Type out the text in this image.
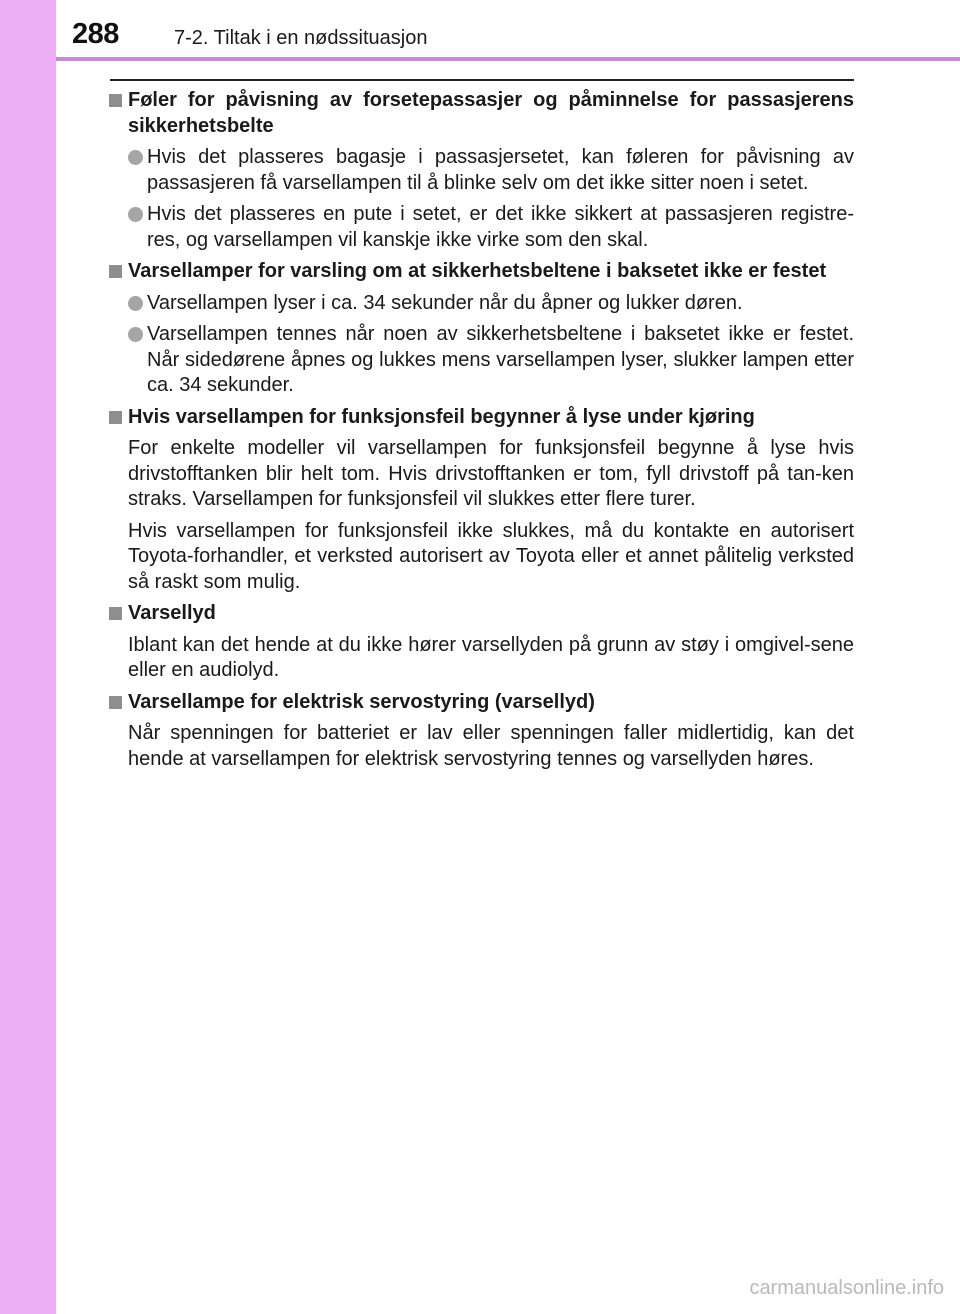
288	7-2. Tiltak i en nødssituasjon
Føler for påvisning av forsetepassasjer og påminnelse for passasjerens sikkerhetsbelte
Hvis det plasseres bagasje i passasjersetet, kan føleren for påvisning av passasjeren få varsellampen til å blinke selv om det ikke sitter noen i setet.
Hvis det plasseres en pute i setet, er det ikke sikkert at passasjeren registre-res, og varsellampen vil kanskje ikke virke som den skal.
Varsellamper for varsling om at sikkerhetsbeltene i baksetet ikke er festet
Varsellampen lyser i ca. 34 sekunder når du åpner og lukker døren.
Varsellampen tennes når noen av sikkerhetsbeltene i baksetet ikke er festet. Når sidedørene åpnes og lukkes mens varsellampen lyser, slukker lampen etter ca. 34 sekunder.
Hvis varsellampen for funksjonsfeil begynner å lyse under kjøring
For enkelte modeller vil varsellampen for funksjonsfeil begynne å lyse hvis drivstofftanken blir helt tom. Hvis drivstofftanken er tom, fyll drivstoff på tan-ken straks. Varsellampen for funksjonsfeil vil slukkes etter flere turer.
Hvis varsellampen for funksjonsfeil ikke slukkes, må du kontakte en autorisert Toyota-forhandler, et verksted autorisert av Toyota eller et annet pålitelig verksted så raskt som mulig.
Varsellyd
Iblant kan det hende at du ikke hører varsellyden på grunn av støy i omgivel-sene eller en audiolyd.
Varsellampe for elektrisk servostyring (varsellyd)
Når spenningen for batteriet er lav eller spenningen faller midlertidig, kan det hende at varsellampen for elektrisk servostyring tennes og varsellyden høres.
carmanualsonline.info
